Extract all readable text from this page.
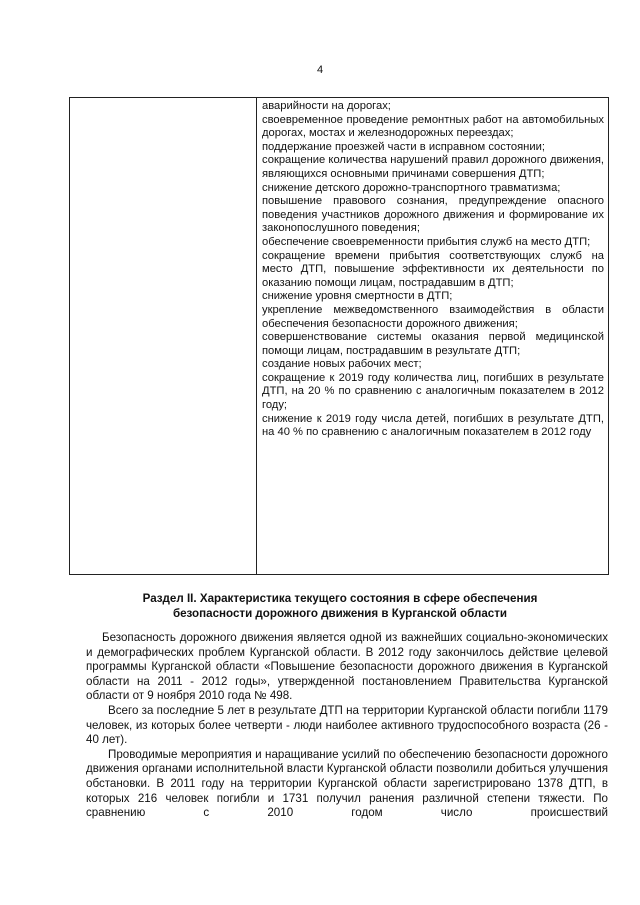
4

аварийности на дорогах;

своевременное проведение ремонтных работ на автомобильных дорогах, мостах и железнодорожных переездах;

поддержание проезжей части в исправном состоянии;

сокращение количества нарушений правил дорожного движения, являющихся основными причинами совершения ДТП;

снижение детского дорожно-транспортного травматизма;

повышение правового сознания, предупреждение опасного поведения участников дорожного движения и формирование их законопослушного поведения;

обеспечение своевременности прибытия служб на место ДТП;

сокращение времени прибытия соответствующих служб на место ДТП, повышение эффективности их деятельности по оказанию помощи лицам, пострадавшим в ДТП;

снижение уровня смертности в ДТП;

укрепление межведомственного взаимодействия в области обеспечения безопасности дорожного движения;

совершенствование системы оказания первой медицинской помощи лицам, пострадавшим в результате ДТП;

создание новых рабочих мест;

сокращение к 2019 году количества лиц, погибших в результате ДТП, на 20 % по сравнению с аналогичным показателем в 2012 году;

снижение к 2019 году числа детей, погибших в результате ДТП, на 40 % по сравнению с аналогичным показателем в 2012 году

Раздел II. Характеристика текущего состояния в сфере обеспечения
безопасности дорожного движения в Курганской области

Безопасность дорожного движения является одной из важнейших социально-экономических и демографических проблем Курганской области. В 2012 году закончилось действие целевой программы Курганской области «Повышение безопасности дорожного движения в Курганской области на 2011 - 2012 годы», утвержденной постановлением Правительства Курганской области от 9 ноября 2010 года № 498.

Всего за последние 5 лет в результате ДТП на территории Курганской области погибли 1179 человек, из которых более четверти - люди наиболее активного трудоспособного возраста (26 - 40 лет).

Проводимые мероприятия и наращивание усилий по обеспечению безопасности дорожного движения органами исполнительной власти Курганской области позволили добиться улучшения обстановки. В 2011 году на территории Курганской области зарегистрировано 1378 ДТП, в которых 216 человек погибли и 1731 получил ранения различной степени тяжести. По сравнению с 2010 годом число происшествий
